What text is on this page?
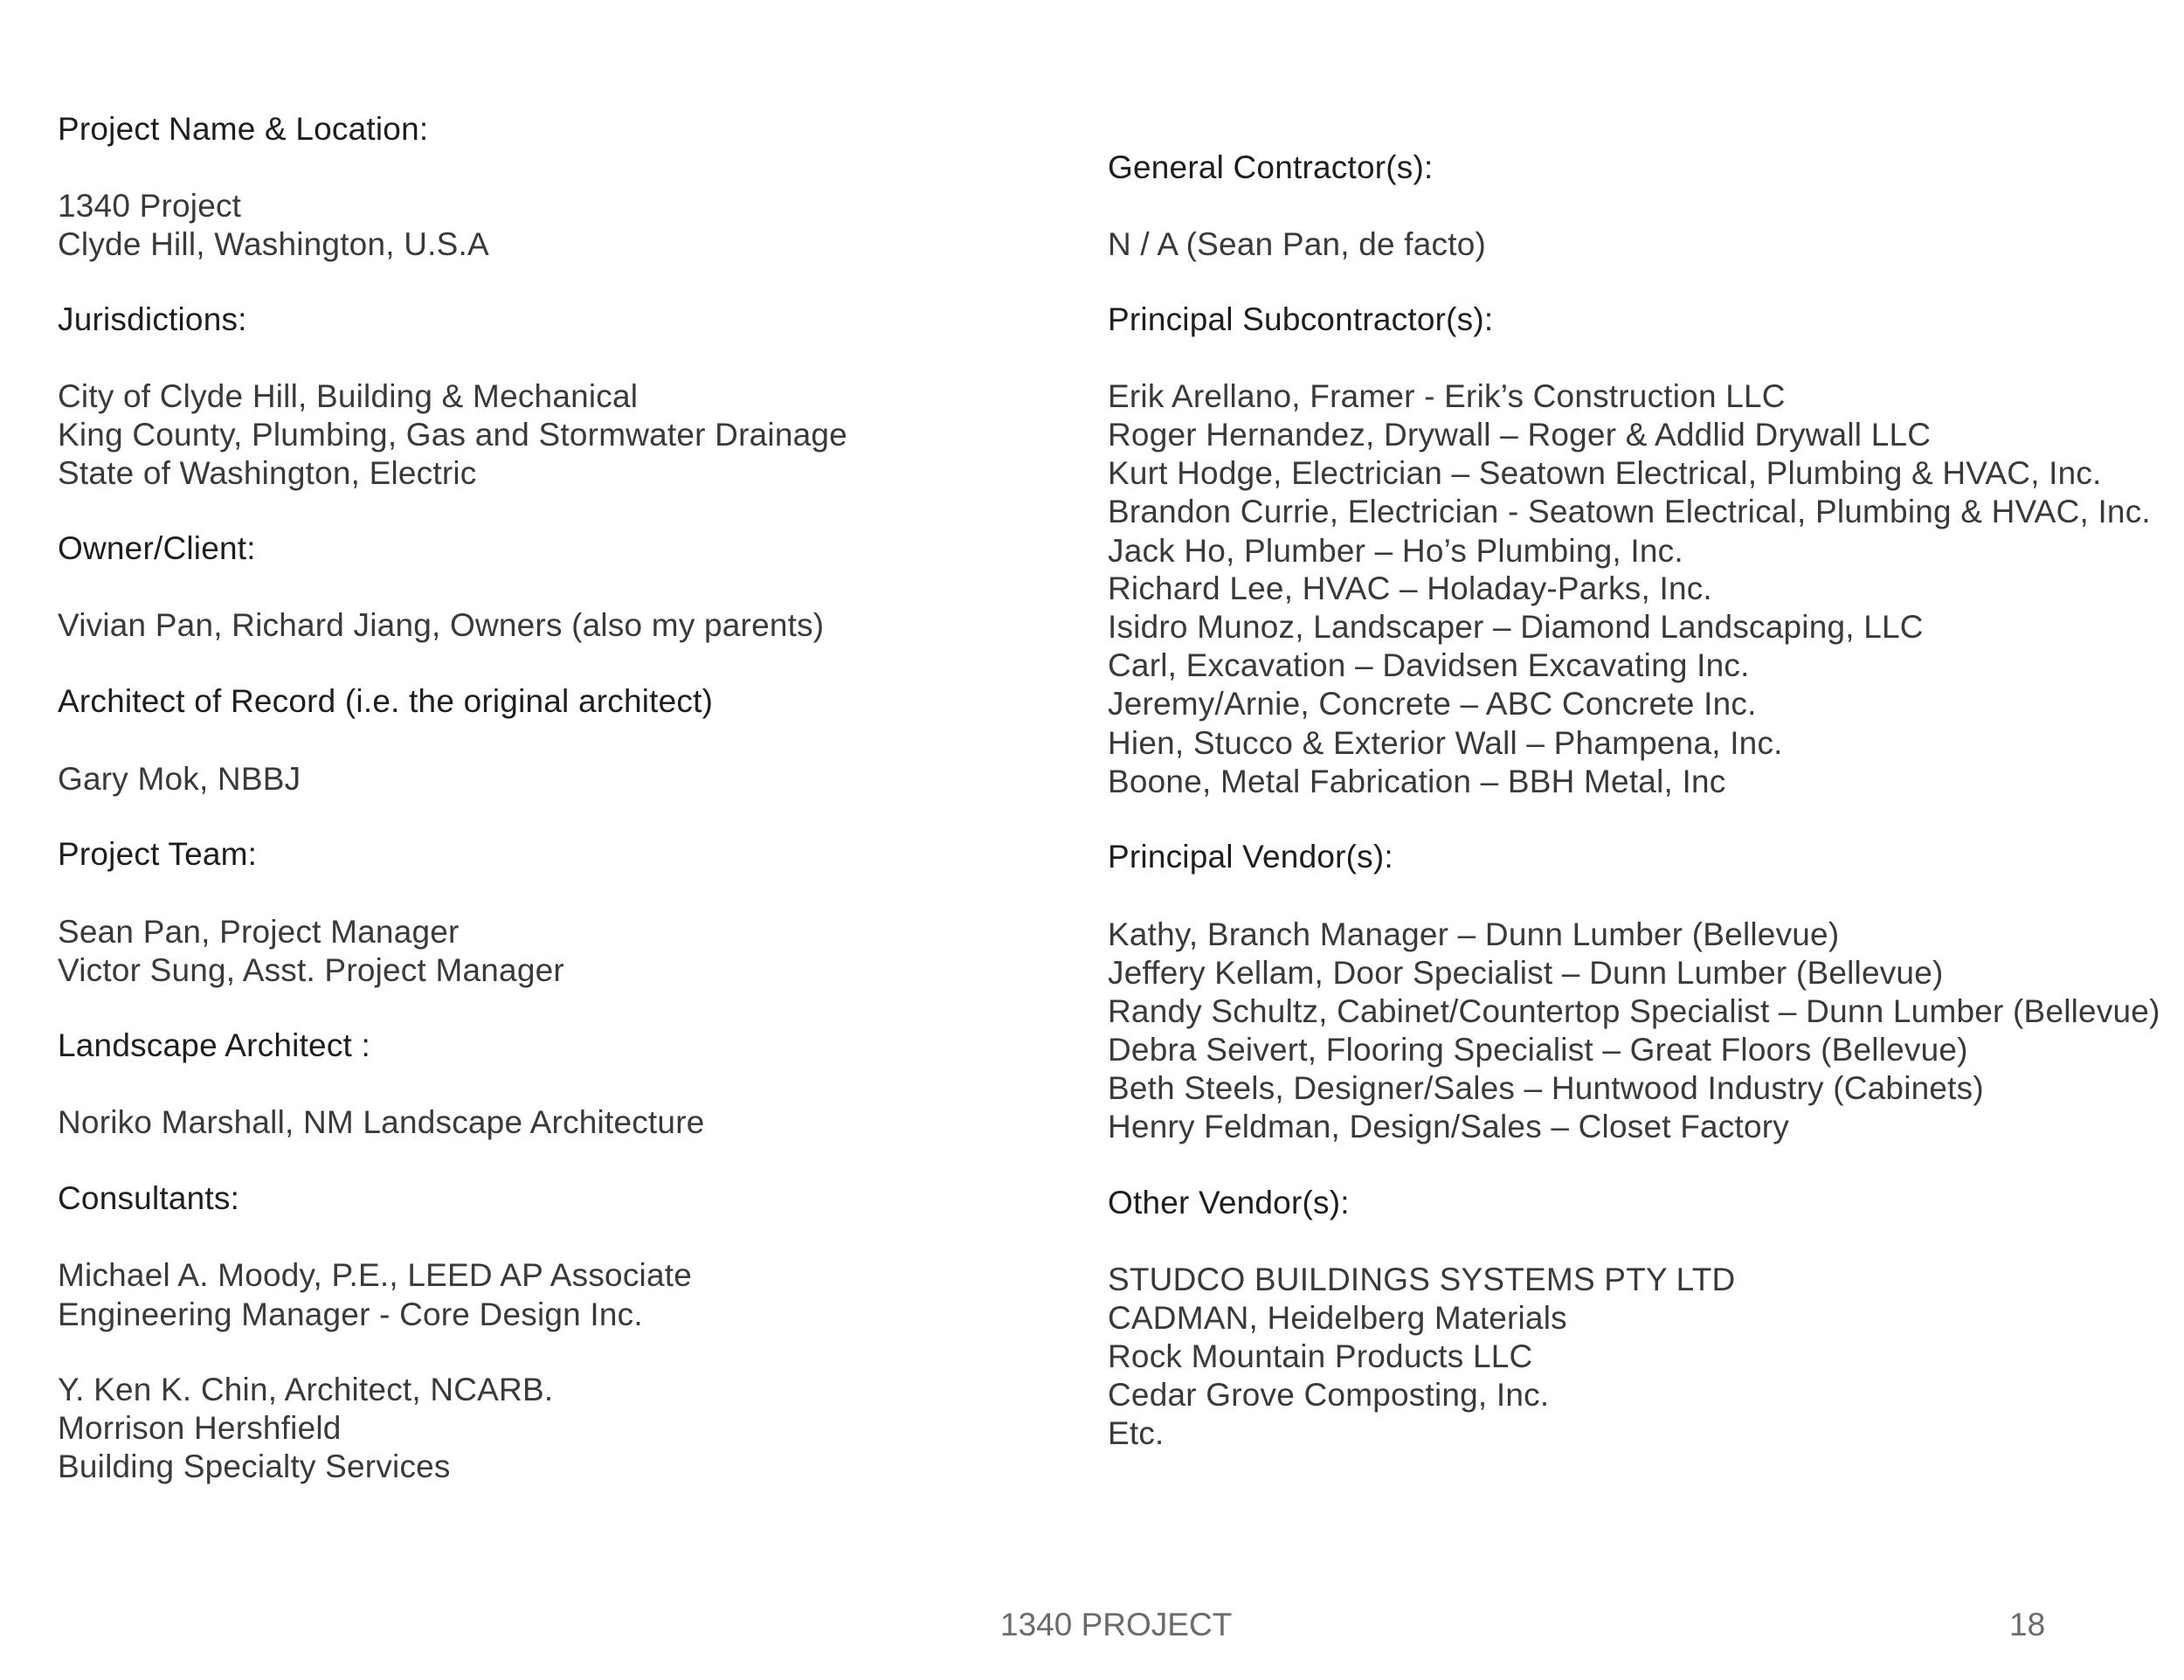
Project Name & Location:
1340 Project
Clyde Hill, Washington, U.S.A
Jurisdictions:
City of Clyde Hill, Building & Mechanical
King County, Plumbing, Gas and Stormwater Drainage
State of Washington, Electric
Owner/Client:
Vivian Pan, Richard Jiang, Owners (also my parents)
Architect of Record (i.e. the original architect)
Gary Mok, NBBJ
Project Team:
Sean Pan, Project Manager
Victor Sung, Asst. Project Manager
Landscape Architect :
Noriko Marshall, NM Landscape Architecture
Consultants:
Michael A. Moody, P.E., LEED AP Associate
Engineering Manager - Core Design Inc.
Y. Ken K. Chin, Architect, NCARB.
Morrison Hershfield
Building Specialty Services
General Contractor(s):
N / A (Sean Pan, de facto)
Principal Subcontractor(s):
Erik Arellano, Framer - Erik’s Construction LLC
Roger Hernandez, Drywall – Roger & Addlid Drywall LLC
Kurt Hodge, Electrician – Seatown Electrical, Plumbing & HVAC, Inc.
Brandon Currie, Electrician - Seatown Electrical, Plumbing & HVAC, Inc.
Jack Ho, Plumber – Ho’s Plumbing, Inc.
Richard Lee, HVAC – Holaday-Parks, Inc.
Isidro Munoz, Landscaper – Diamond Landscaping, LLC
Carl, Excavation – Davidsen Excavating Inc.
Jeremy/Arnie, Concrete – ABC Concrete Inc.
Hien, Stucco & Exterior Wall – Phampena, Inc.
Boone, Metal Fabrication – BBH Metal, Inc
Principal Vendor(s):
Kathy, Branch Manager – Dunn Lumber (Bellevue)
Jeffery Kellam, Door Specialist – Dunn Lumber (Bellevue)
Randy Schultz, Cabinet/Countertop Specialist – Dunn Lumber (Bellevue)
Debra Seivert, Flooring Specialist – Great Floors (Bellevue)
Beth Steels, Designer/Sales – Huntwood Industry (Cabinets)
Henry Feldman, Design/Sales – Closet Factory
Other Vendor(s):
STUDCO BUILDINGS SYSTEMS PTY LTD
CADMAN, Heidelberg Materials
Rock Mountain Products LLC
Cedar Grove Composting, Inc.
Etc.
1340 PROJECT	18
